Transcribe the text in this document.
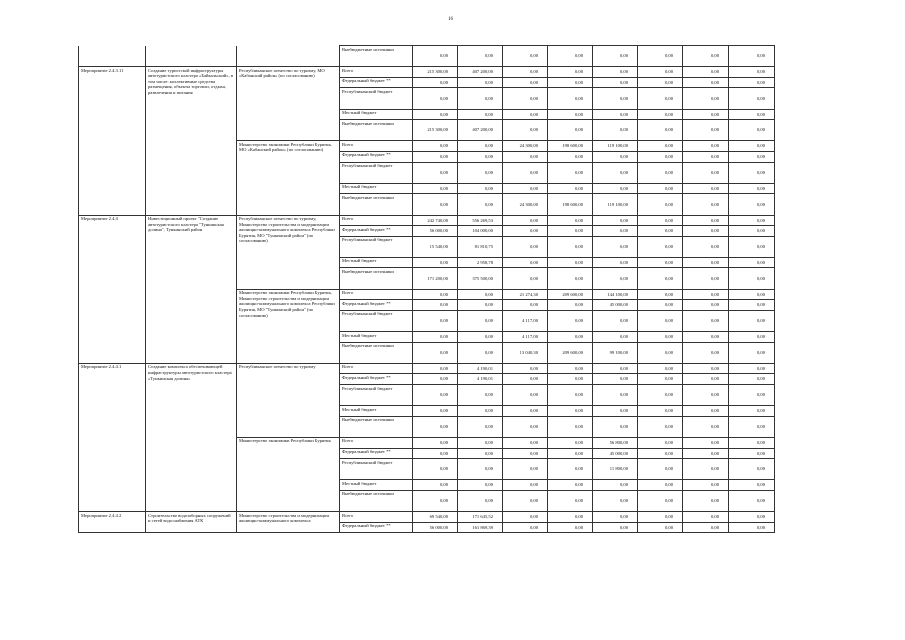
16
			Внебюджетные источники	0,00	0,00	0,00	0,00	0,00	0,00	0,00	0,00
Мероприятие 2.4.3.11	Создание туристской инфраструктуры автотуристского кластера «Байкальский», в том числе: коллективные средства размещения, объекты торговли, отдыха, развлечения и питания	Республиканское агентство по туризму, МО «Кабанский район» (по согласованию)	Всего	215 300,00	407 200,00	0,00	0,00	0,00	0,00	0,00	0,00
			Федеральный бюджет **	0,00	0,00	0,00	0,00	0,00	0,00	0,00	0,00
			Республиканский бюджет	0,00	0,00	0,00	0,00	0,00	0,00	0,00	0,00
			Местный бюджет	0,00	0,00	0,00	0,00	0,00	0,00	0,00	0,00
			Внебюджетные источники	215 300,00	407 200,00	0,00	0,00	0,00	0,00	0,00	0,00
		Министерство экономики Республики Бурятия, МО «Кабанский район» (по согласованию)	Всего	0,00	0,00	24 300,00	198 600,00	119 100,00	0,00	0,00	0,00
			Федеральный бюджет **	0,00	0,00	0,00	0,00	0,00	0,00	0,00	0,00
			Республиканский бюджет	0,00	0,00	0,00	0,00	0,00	0,00	0,00	0,00
			Местный бюджет	0,00	0,00	0,00	0,00	0,00	0,00	0,00	0,00
			Внебюджетные источники	0,00	0,00	24 300,00	198 600,00	119 100,00	0,00	0,00	0,00
Мероприятие 2.4.4	Инвестиционный проект "Создание автотуристского кластера "Тункинская долина", Тункинский район	Республиканское агентство по туризму, Министерство строительства и модернизации жилищно-коммунального комплекса Республики Бурятия, МО "Тункинский район" (по согласованию)	Всего	242 740,00	556 269,53	0,00	0,00	0,00	0,00	0,00	0,00
			Федеральный бюджет **	56 000,00	104 000,00	0,00	0,00	0,00	0,00	0,00	0,00
			Республиканский бюджет	15 540,00	81 810,75	0,00	0,00	0,00	0,00	0,00	0,00
			Местный бюджет	0,00	2 958,78	0,00	0,00	0,00	0,00	0,00	0,00
			Внебюджетные источники	171 200,00	375 500,00	0,00	0,00	0,00	0,00	0,00	0,00
		Министерство экономики Республики Бурятия, Министерство строительства и модернизации жилищно-коммунального комплекса Республики Бурятия, МО "Тункинский район" (по согласованию)	Всего	0,00	0,00	21 274,30	209 600,00	144 100,00	0,00	0,00	0,00
			Федеральный бюджет **	0,00	0,00	0,00	0,00	45 000,00	0,00	0,00	0,00
			Республиканский бюджет	0,00	0,00	4 117,00	0,00	0,00	0,00	0,00	0,00
			Местный бюджет	0,00	0,00	4 117,00	0,00	0,00	0,00	0,00	0,00
			Внебюджетные источники	0,00	0,00	13 040,30	209 600,00	99 100,00	0,00	0,00	0,00
Мероприятие 2.4.4.1	Создание комплекса обеспечивающей инфраструктуры автотуристского кластера «Тункинская долина»	Республиканское агентство по туризму	Всего	0,00	4 190,01	0,00	0,00	0,00	0,00	0,00	0,00
			Федеральный бюджет **	0,00	4 190,01	0,00	0,00	0,00	0,00	0,00	0,00
			Республиканский бюджет	0,00	0,00	0,00	0,00	0,00	0,00	0,00	0,00
			Местный бюджет	0,00	0,00	0,00	0,00	0,00	0,00	0,00	0,00
			Внебюджетные источники	0,00	0,00	0,00	0,00	0,00	0,00	0,00	0,00
		Министерство экономики Республики Бурятия	Всего	0,00	0,00	0,00	0,00	56 800,00	0,00	0,00	0,00
			Федеральный бюджет **	0,00	0,00	0,00	0,00	45 000,00	0,00	0,00	0,00
			Республиканский бюджет	0,00	0,00	0,00	0,00	11 800,00	0,00	0,00	0,00
			Местный бюджет	0,00	0,00	0,00	0,00	0,00	0,00	0,00	0,00
			Внебюджетные источники	0,00	0,00	0,00	0,00	0,00	0,00	0,00	0,00
Мероприятие 2.4.4.2	Строительство водозаборных сооружений и сетей водоснабжения АТК	Министерство строительства и модернизации жилищно-коммунального комплекса	Всего	69 540,00	171 645,52	0,00	0,00	0,00	0,00	0,00	0,00
			Федеральный бюджет **	56 000,00	161 869,39	0,00	0,00	0,00	0,00	0,00	0,00
